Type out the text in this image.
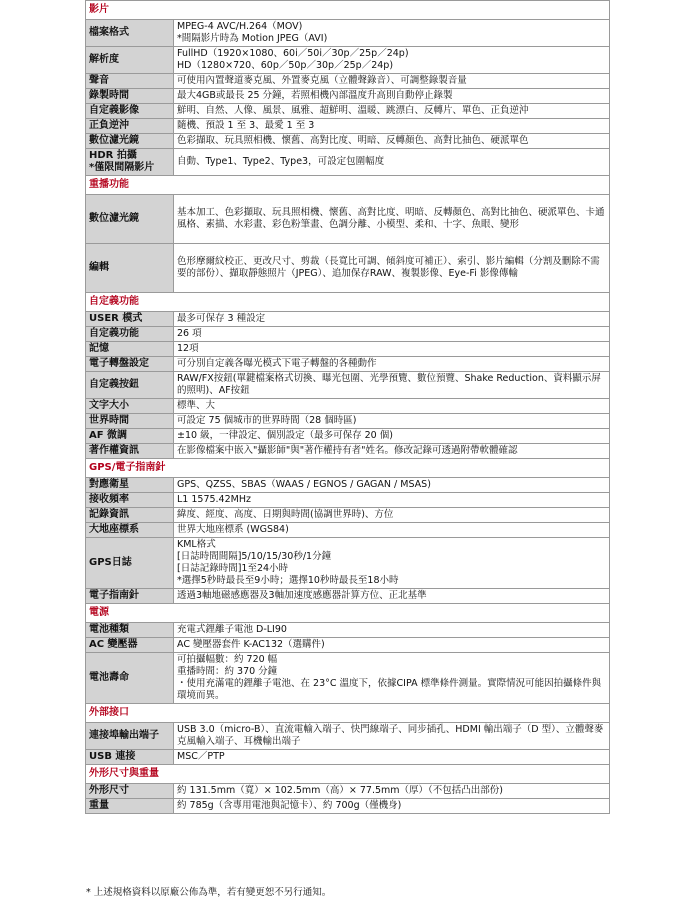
影片	
檔案格式	MPEG-4 AVC/H.264（MOV)
*間隔影片時為 Motion JPEG（AVI)
解析度	FullHD（1920×1080、60i／50i／30p／25p／24p)
HD（1280×720、60p／50p／30p／25p／24p)
聲音	可使用內置聲道麥克風、外置麥克風（立體聲錄音）、可調整錄製音量
錄製時間	最大4GB或最長 25 分鐘，若照相機內部溫度升高則自動停止錄製
自定義影像	鮮明、自然、人像、風景、風雅、超鮮明、溫暖、跳漂白、反轉片、單色、正負逆沖
正負逆沖	隨機、預設 1 至 3、最愛 1 至 3
數位濾光鏡	色彩擷取、玩具照相機、懷舊、高對比度、明暗、反轉顏色、高對比抽色、硬派單色
HDR 拍攝
*僅限間隔影片	自動、Type1、Type2、Type3，可設定包圍幅度
重播功能	
數位濾光鏡	基本加工、色彩擷取、玩具照相機、懷舊、高對比度、明暗、反轉顏色、高對比抽色、硬派單色、卡通風格、素描、水彩畫、彩色粉筆畫、色調分離、小模型、柔和、十字、魚眼、變形
編輯	色形摩爾紋校正、更改尺寸、剪裁（長寬比可調、傾斜度可補正）、索引、影片編輯（分割及刪除不需要的部份）、擷取靜態照片（JPEG）、追加保存RAW、複製影像、Eye-Fi 影像傳輸
自定義功能	
USER 模式	最多可保存 3 種設定
自定義功能	26 項
記憶	12項
電子轉盤設定	可分別自定義各曝光模式下電子轉盤的各種動作
自定義按鈕	RAW/FX按鈕(單鍵檔案格式切換、曝光包圍、光學預覽、數位預覽、Shake Reduction、資料顯示屏的照明)、AF按鈕
文字大小	標準、大
世界時間	可設定 75 個城市的世界時間（28 個時區)
AF 微調	±10 級，一律設定、個別設定（最多可保存 20 個)
著作權資訊	在影像檔案中嵌入"攝影師"與"著作權持有者"姓名。修改記錄可透過附帶軟體確認
GPS/電子指南針	
對應衛星	GPS、QZSS、SBAS（WAAS / EGNOS / GAGAN / MSAS)
接收頻率	L1 1575.42MHz
記錄資訊	緯度、經度、高度、日期與時間(協調世界時)、方位
大地座標系	世界大地座標系 (WGS84)
GPS日誌	KML格式
[日誌時間間隔]5/10/15/30秒/1分鐘
[日誌記錄時間]1至24小時
*選擇5秒時最長至9小時；選擇10秒時最長至18小時
電子指南針	透過3軸地磁感應器及3軸加速度感應器計算方位、正北基準
電源	
電池種類	充電式鋰離子電池 D-LI90
AC 變壓器	AC 變壓器套件 K-AC132（選購件)
電池壽命	可拍攝幅數：約 720 幅
重播時間：約 370 分鐘
・使用充滿電的鋰離子電池、在 23°C 溫度下，依據CIPA 標準條件測量。實際情況可能因拍攝條件與環境而異。
外部接口	
連接埠輸出端子	USB 3.0（micro-B）、直流電輸入端子、快門線端子、同步插孔、HDMI 輸出端子（D 型）、立體聲麥克風輸入端子、耳機輸出端子
USB 連接	MSC／PTP
外形尺寸與重量	
外形尺寸	約 131.5mm（寬）× 102.5mm（高）× 77.5mm（厚）（不包括凸出部份)
重量	約 785g（含專用電池與記憶卡）、約 700g（僅機身)
* 上述規格資料以原廠公佈為準，若有變更恕不另行通知。
